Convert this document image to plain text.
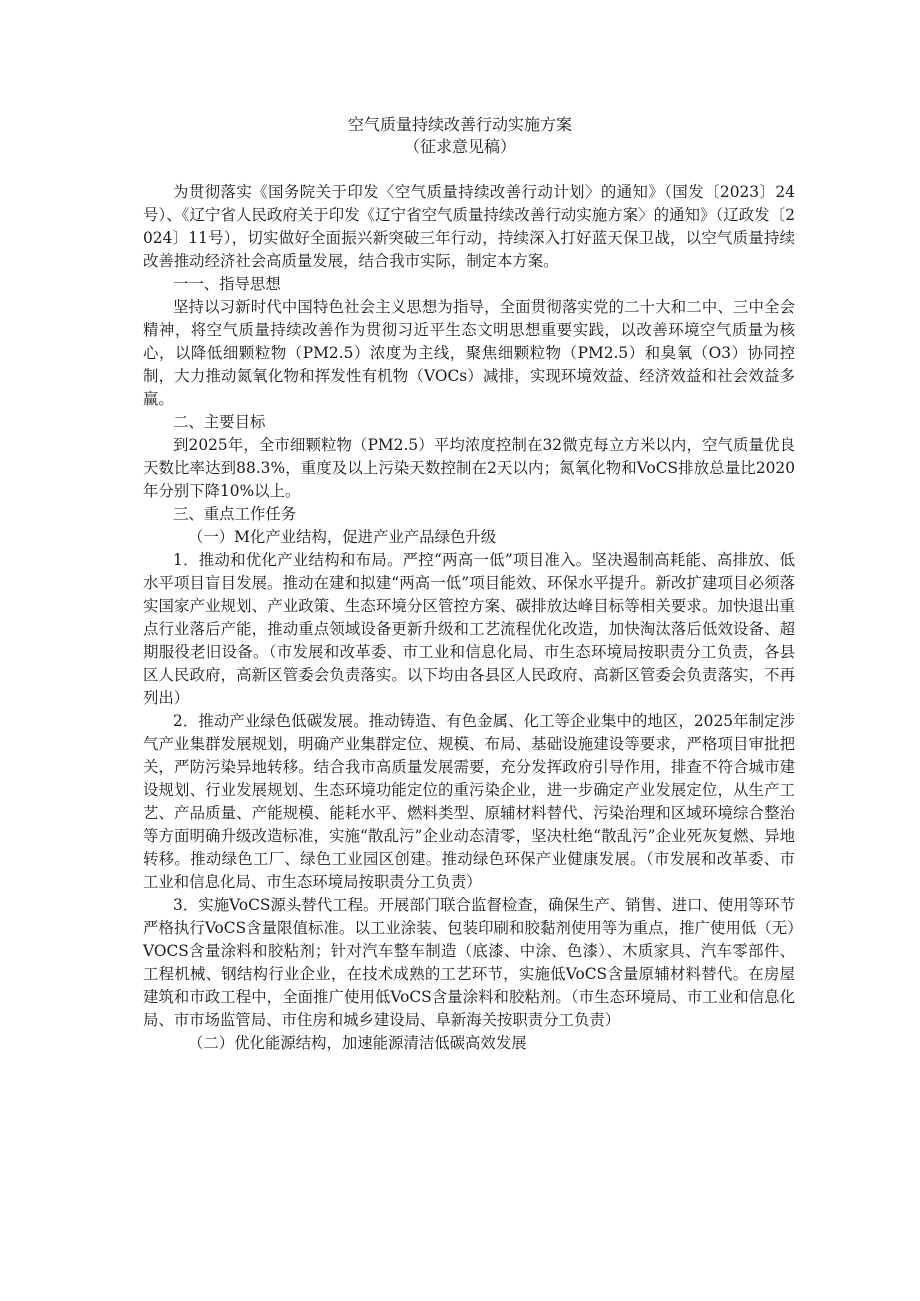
空气质量持续改善行动实施方案
（征求意见稿）

为贯彻落实《国务院关于印发〈空气质量持续改善行动计划〉的通知》（国发〔2023〕24号）、《辽宁省人民政府关于印发《辽宁省空气质量持续改善行动实施方案〉的通知》（辽政发〔2024〕11号），切实做好全面振兴新突破三年行动，持续深入打好蓝天保卫战，以空气质量持续改善推动经济社会高质量发展，结合我市实际，制定本方案。

一一、指导思想

坚持以习新时代中国特色社会主义思想为指导，全面贯彻落实党的二十大和二中、三中全会精神，将空气质量持续改善作为贯彻习近平生态文明思想重要实践，以改善环境空气质量为核心，以降低细颗粒物（PM2.5）浓度为主线，聚焦细颗粒物（PM2.5）和臭氧（O3）协同控制，大力推动氮氧化物和挥发性有机物（VOCs）减排，实现环境效益、经济效益和社会效益多赢。

二、主要目标

到2025年，全市细颗粒物（PM2.5）平均浓度控制在32微克每立方米以内，空气质量优良天数比率达到88.3%，重度及以上污染天数控制在2天以内；氮氧化物和VoCS排放总量比2020年分别下降10%以上。

三、重点工作任务

（一）M化产业结构，促进产业产品绿色升级

1．推动和优化产业结构和布局。严控“两高一低”项目准入。坚决遏制高耗能、高排放、低水平项目盲目发展。推动在建和拟建“两高一低”项目能效、环保水平提升。新改扩建项目必须落实国家产业规划、产业政策、生态环境分区管控方案、碳排放达峰目标等相关要求。加快退出重点行业落后产能，推动重点领域设备更新升级和工艺流程优化改造，加快淘汰落后低效设备、超期服役老旧设备。（市发展和改革委、市工业和信息化局、市生态环境局按职责分工负责，各县区人民政府，高新区管委会负责落实。以下均由各县区人民政府、高新区管委会负责落实，不再列出）

2．推动产业绿色低碳发展。推动铸造、有色金属、化工等企业集中的地区，2025年制定涉气产业集群发展规划，明确产业集群定位、规模、布局、基础设施建设等要求，严格项目审批把关，严防污染异地转移。结合我市高质量发展需要，充分发挥政府引导作用，排查不符合城市建设规划、行业发展规划、生态环境功能定位的重污染企业，进一步确定产业发展定位，从生产工艺、产品质量、产能规模、能耗水平、燃料类型、原辅材料替代、污染治理和区域环境综合整治等方面明确升级改造标准，实施“散乱污”企业动态清零，坚决杜绝“散乱污”企业死灰复燃、异地转移。推动绿色工厂、绿色工业园区创建。推动绿色环保产业健康发展。（市发展和改革委、市工业和信息化局、市生态环境局按职责分工负责）

3．实施VoCS源头替代工程。开展部门联合监督检查，确保生产、销售、进口、使用等环节严格执行VoCS含量限值标准。以工业涂装、包装印刷和胶黏剂使用等为重点，推广使用低（无）VOCS含量涂料和胶粘剂；针对汽车整车制造（底漆、中涂、色漆）、木质家具、汽车零部件、工程机械、钢结构行业企业，在技术成熟的工艺环节，实施低VoCS含量原辅材料替代。在房屋建筑和市政工程中，全面推广使用低VoCS含量涂料和胶粘剂。（市生态环境局、市工业和信息化局、市市场监管局、市住房和城乡建设局、阜新海关按职责分工负责）

（二）优化能源结构，加速能源清洁低碳高效发展
